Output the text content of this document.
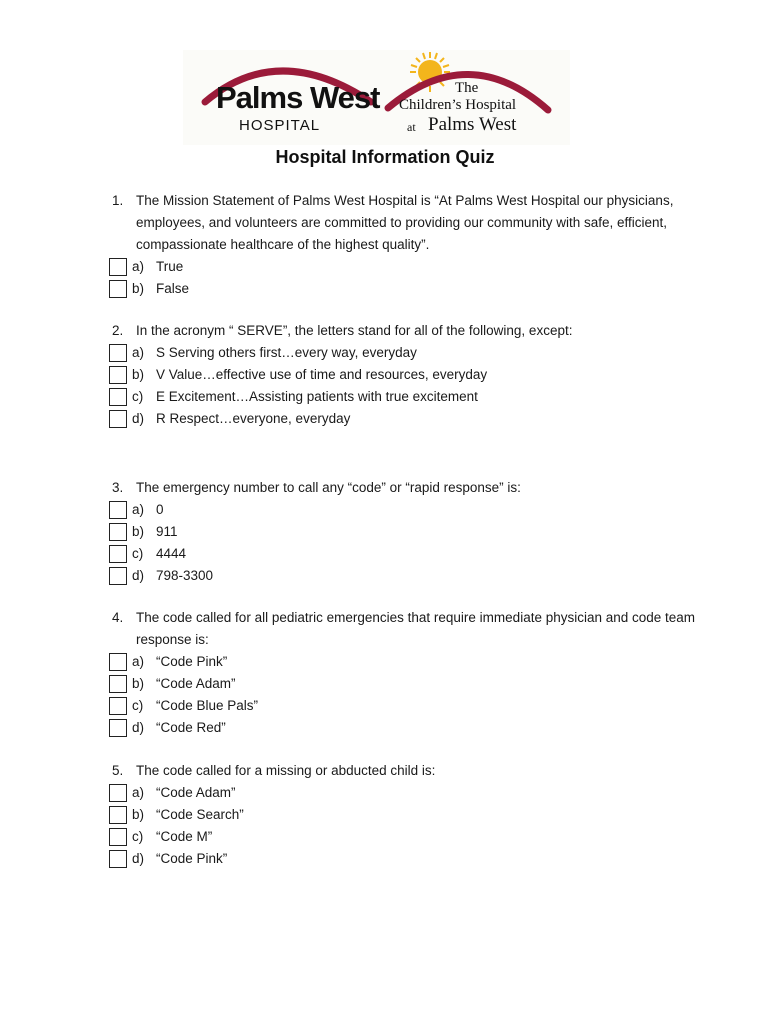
Palms West
HOSPITAL
The
Children’s Hospital
at Palms West
Hospital Information Quiz
1. The Mission Statement of Palms West Hospital is “At Palms West Hospital our physicians, employees, and volunteers are committed to providing our community with safe, efficient, compassionate healthcare of the highest quality”.
a) True
b) False
2. In the acronym “ SERVE”, the letters stand for all of the following, except:
a) S Serving others first…every way, everyday
b) V Value…effective use of time and resources, everyday
c) E Excitement…Assisting patients with true excitement
d) R Respect…everyone, everyday
3. The emergency number to call any “code” or “rapid response” is:
a) 0
b) 911
c) 4444
d) 798-3300
4. The code called for all pediatric emergencies that require immediate physician and code team response is:
a) “Code Pink”
b) “Code Adam”
c) “Code Blue Pals”
d) “Code Red”
5. The code called for a missing or abducted child is:
a) “Code Adam”
b) “Code Search”
c) “Code M”
d) “Code Pink”
